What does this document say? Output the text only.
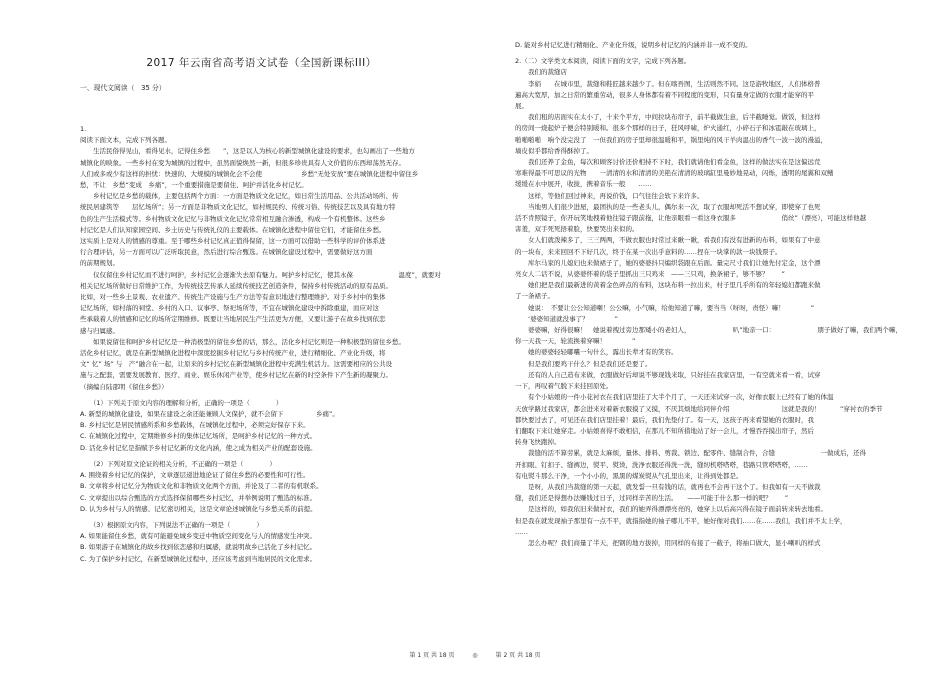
2017 年云南省高考语文试卷（全国新课标III）
一、现代文阅读（　35 分）
1.
阅读下面文本，完成下列各题。
　　生活民俗得见山，看得见水，记得住乡愁　　”，这是以人为核心的新型城镇化建设的要求，也勾画出了一些地方
城镇化的映象。一些乡村在变为城镇的过程中，虽然面貌焕然一新，但很多珍贵具有人文价值的东西却荡然无存。
人们或多或少有这样的担忧：快速的、大规模的城镇化会不会使　　　　　　乡愁“无处安放”要在城镇化进程中留住乡
愁，不让　乡愁“变成　乡痛”，一个重要措施是要留住、呵护并活化乡村记忆。
　　乡村记忆是乡愁的载体，主要包括两个方面：一方面是物质文化记忆，如日常生活用品、公共活动场所、传
统民居建筑等　　层忆场所”；另一方面是非物质文化记忆，如村规民约、传统习俗、传统技艺以及具有地方特
色的生产生活模式等。乡村物质文化记忆与非物质文化记忆常常相互融合渗透，构成一个有机整体。这些乡
村记忆是人们认知家园空间、乡土历史与传统礼仪的主要载体。在城镇化进程中留住它们，才能留住乡愁。
这实质上是对人的情感的尊重。至于哪些乡村记忆真正值得保留，这一方面可以借助一些科学的评价体系进
行合理评估，另一方面可以广泛听取民意，然后进行综合甄选。在城镇化建设过程中，需要做好这方面
的前期规划。
　　仅仅留住乡村记忆而不进行呵护，乡村记忆会逐渐失去原有魅力。呵护乡村记忆，使其永葆　　　　　　　温度”，就要对
相关记忆场所做好日常维护工作，为传统技艺传承人延续传统技艺创造条件，保持乡村传统活动的原有品质。
比如，对一些乡土景观、农业遗产、传统生产设施与生产方法等有意识地进行整理维护。对于乡村中的集体
记忆场所，如村落的祠堂、乡村的入口、议事亭、祭祀场所等，不宜在城镇化建设中拆除重建，而应对这
些承载着人的情感和记忆的场所定期维修。既要让当地居民生产生活更为方便，又要让游子在故乡找到依恋
感与归属感。
　　如果说留住和呵护乡村记忆是一种消极型的留住乡愁的话，那么，活化乡村记忆则是一种积极型的留住乡愁。
活化乡村记忆，就是在新型城镇化进程中深度挖掘乡村记忆与乡村传统产业，进行精细化、产业化升级，将
文“ 忆” 场” 与　产”融合在一起，让原来的乡村记忆在新型城镇化进程中充满生机活力。这需要相应的公共设
施与之配套，需要发展教育、医疗、商业、娱乐休闲产业等，使乡村记忆在新的时空条件下产生新的凝聚力。
（摘编自陆邵明《留住乡愁》）
　　（1）下列关于原文内容的理解和分析，正确的一项是（　　　　）
A. 新型的城镇化建设，如果在建设之余还能兼顾人文保护，就不会留下　　　　　乡痛”。
B. 乡村记忆是居民情感所系和乡愁载体，在城镇化过程中，必须完好保存下来。
C. 在城镇化过程中，定期维修乡村的集体记忆场所，是呵护乡村记忆的一种方式。
D. 活化乡村记忆是指赋予乡村记忆新的文化内涵，使之成为相关产业的配套设施。
　　（2）下列对原文论证的相关分析，不正确的一项是（　　　　）
A. 围绕着乡村记忆的保护，文章逐层递进地论证了留住乡愁的必要性和可行性。
B. 文章将乡村记忆分为物质文化和非物质文化两个方面，并论及了二者的有机联系。
C. 文章提出以综合甄选的方式选择保留哪些乡村记忆，并举例说明了甄选的标准。
D. 认为乡村与人的情感、记忆密切相关，这是文章论述城镇化与乡愁关系的前提。
　　（3）根据原文内容，下列说法不正确的一项是（　　　　）
A. 如果能留住乡愁，就有可能避免城乡变迁中物质空间变化与人的情感发生冲突。
B. 如果游子在城镇化的故乡找到依恋感和归属感，就说明故乡已活化了乡村记忆。
C. 为了保护乡村记忆，在新型城镇化过程中，还应该考虑到当地居民的文化需求。
D. 能对乡村记忆进行精细化、产业化升级，说明乡村记忆的内涵并非一成不变的。
2.（二）文学类文本阅读，阅读下面的文字，完成下列各题。
　　我们的裁缝店
　　李娟　　在城市里，裁缝和鞋匠越来越少了。但在喀吾图，生活则然不同。这是游牧地区，人们体格普
遍高大宽厚，加之日常的繁重劳动，很多人身体都有着不同程度的变形，只有量身定做的衣服才能穿的平
展。
　　我们租的店面实在太小了，十来个平方，中间拉块布帘子，前半截做生意，后半截睡觉。做饭，但这样
的房间一烧起炉子便会特别暖和。很多个那样的日子，狂风呼啸，炉火通红，小碎石子和冰雹敲在玻璃上，
啪啪啪啪　响个没完没了　一但我们的房子里却很温暖和平，锅里炖的风干羊肉温出的香气一波一波的漫溢，
墙皮似乎都给香得酥掉了。
　　我们还养了金鱼，每次和顾客讨价还价相持不下时，我们就请他们看金鱼，这样的做法实在是这偏远荒
寒难得最不可思议的光物　　一清清的水和清清的美艳在清清的玻璃缸里曼妙地晃动，闪烁，透明的尾翼和双鳍
缓缓在水中展开，收拢，携着音乐一般　　……
　　这样，等他们回过神来，再说价钱，口气往往会软下来许多。
　　当地男人们很少进屋，最团执的是一些老头儿，偶尔来一次，取了衣服却死活不想试穿，即使穿了也死
活不肯照镜子，你开玩笑地拽着他往镜子跟前拖，让他亲眼看一看这身衣服多　　　　　　　俏丝”（漂亮），可能这样他越
害羞，双手死死捂着脸，快要哭出来似的。
　　女人们就泼辣多了，三三两两，不做衣服也时常过来瞅一瞅，看我们有没有进新的布料，如果有了中意
的一块布，来来回回不下好几次，终于在某一次出乎意料的……捏在一块掌的款一块钱票子。
　　库尔马家的儿媳妇也来做裙子了，她的婆婆抖只编织袋跟在后面。量完尺寸我们让她先付定金，这个漂
亮女人二话不说，从婆婆怀着的袋子里抓出三只鸡来　——三只鸡，换条裙子，够不够？　　”
　　她们把是我们最新进的黄着金色碎点的布料，这块布料一拉出来，村子里几乎所有的年轻媳妇都跑来做
了一条裙子。
　　她说：　不要让公公知道喇！公公嘛，小气嘛，给他知道了嘛，要当当（呀呀，责怪）嘛！　　　　”
　　‘婆婆知道就没事了？　　　　”
　　婆婆嘛，好得很嘛！　她说着拽过旁边那矮小的老妇人，　　　　　　　叭”地亲一口：　　　　　　　朋子做好了嘛，我们两个嘛，
你一天我一天，轮流换着穿嘛！　　　　”
　　她的婆婆轻轻嘟囔一句什么，露出长辈才有的笑容。
　　但是我们要鸡干什么？但是我们还是要了。
　　还有的人自己造布来做，衣服做好后却说不够现钱来取，只好挂在我家店里，一有空就来看一看，试穿
一下，再叹着气脱下来挂回原处。
　　有个小姑娘的一件小花衬衣在我们店里挂了大半个月了，一天还来试穿一次，好像衣服上已经有了她的体温
天放学路过我家店，都会进来对着新衣服摸了又摸，不厌其烦地给同伴介绍　　　　　　　　这就是我的！　　　”穿衬衣的季节
都快要过去了，可见还在我们店里挂着！最后，我们先垫付了。有一天，这孩子再来看望她的衣服时，我
们翻取下来让她穿走。小姑娘喜得不敢相信，在那儿不知所措地站了好一会儿，才慢吞吞摸出帘子，然后
转身飞快跑掉。
　　裁缝的活不算劳累，就是太麻烦，量体、排料、剪裁、锁边、配零件、缝制合件，合缝　　　　　　　一做成后，还得
开扣眼、钉扣子、缝裤边，熨平、熨烫，洗净衣服还得洗一洗，缝纫机嗒嗒嗒，巷路只管嗒嗒嗒，……
有电熨斗那么干净，一个小小的，黑黑的煤炭熨从气孔里出来，让得到处都是。
　　是呀，从我们当裁缝的第一天起，就发誓一旦有钱的话，就再也不会再干这个了。但我如有一天不做裁
缝，我们还是得想办法赚钱过日子，过同样辛苦的生活。　　——可能于什么那一样的吧？　　”
　　是这样的，如我依旧来做衬衣，我们的她弄得漂漂亮亮的，她穿上以后高兴得在镜子面前转来转去地看。
但是我在就发现袖子那里有一点不平，就指指她的袖子哪儿不平，她好像对我们……在……我们，我们并不太上学，
……
　　怎么办呢？我们商量了半天，把钢的地方拔掉，用同样的布接了一截子，将袖口做大，显小喇叭的样式
第 1 页 共 18 页	◎	第 2 页 共 18 页
